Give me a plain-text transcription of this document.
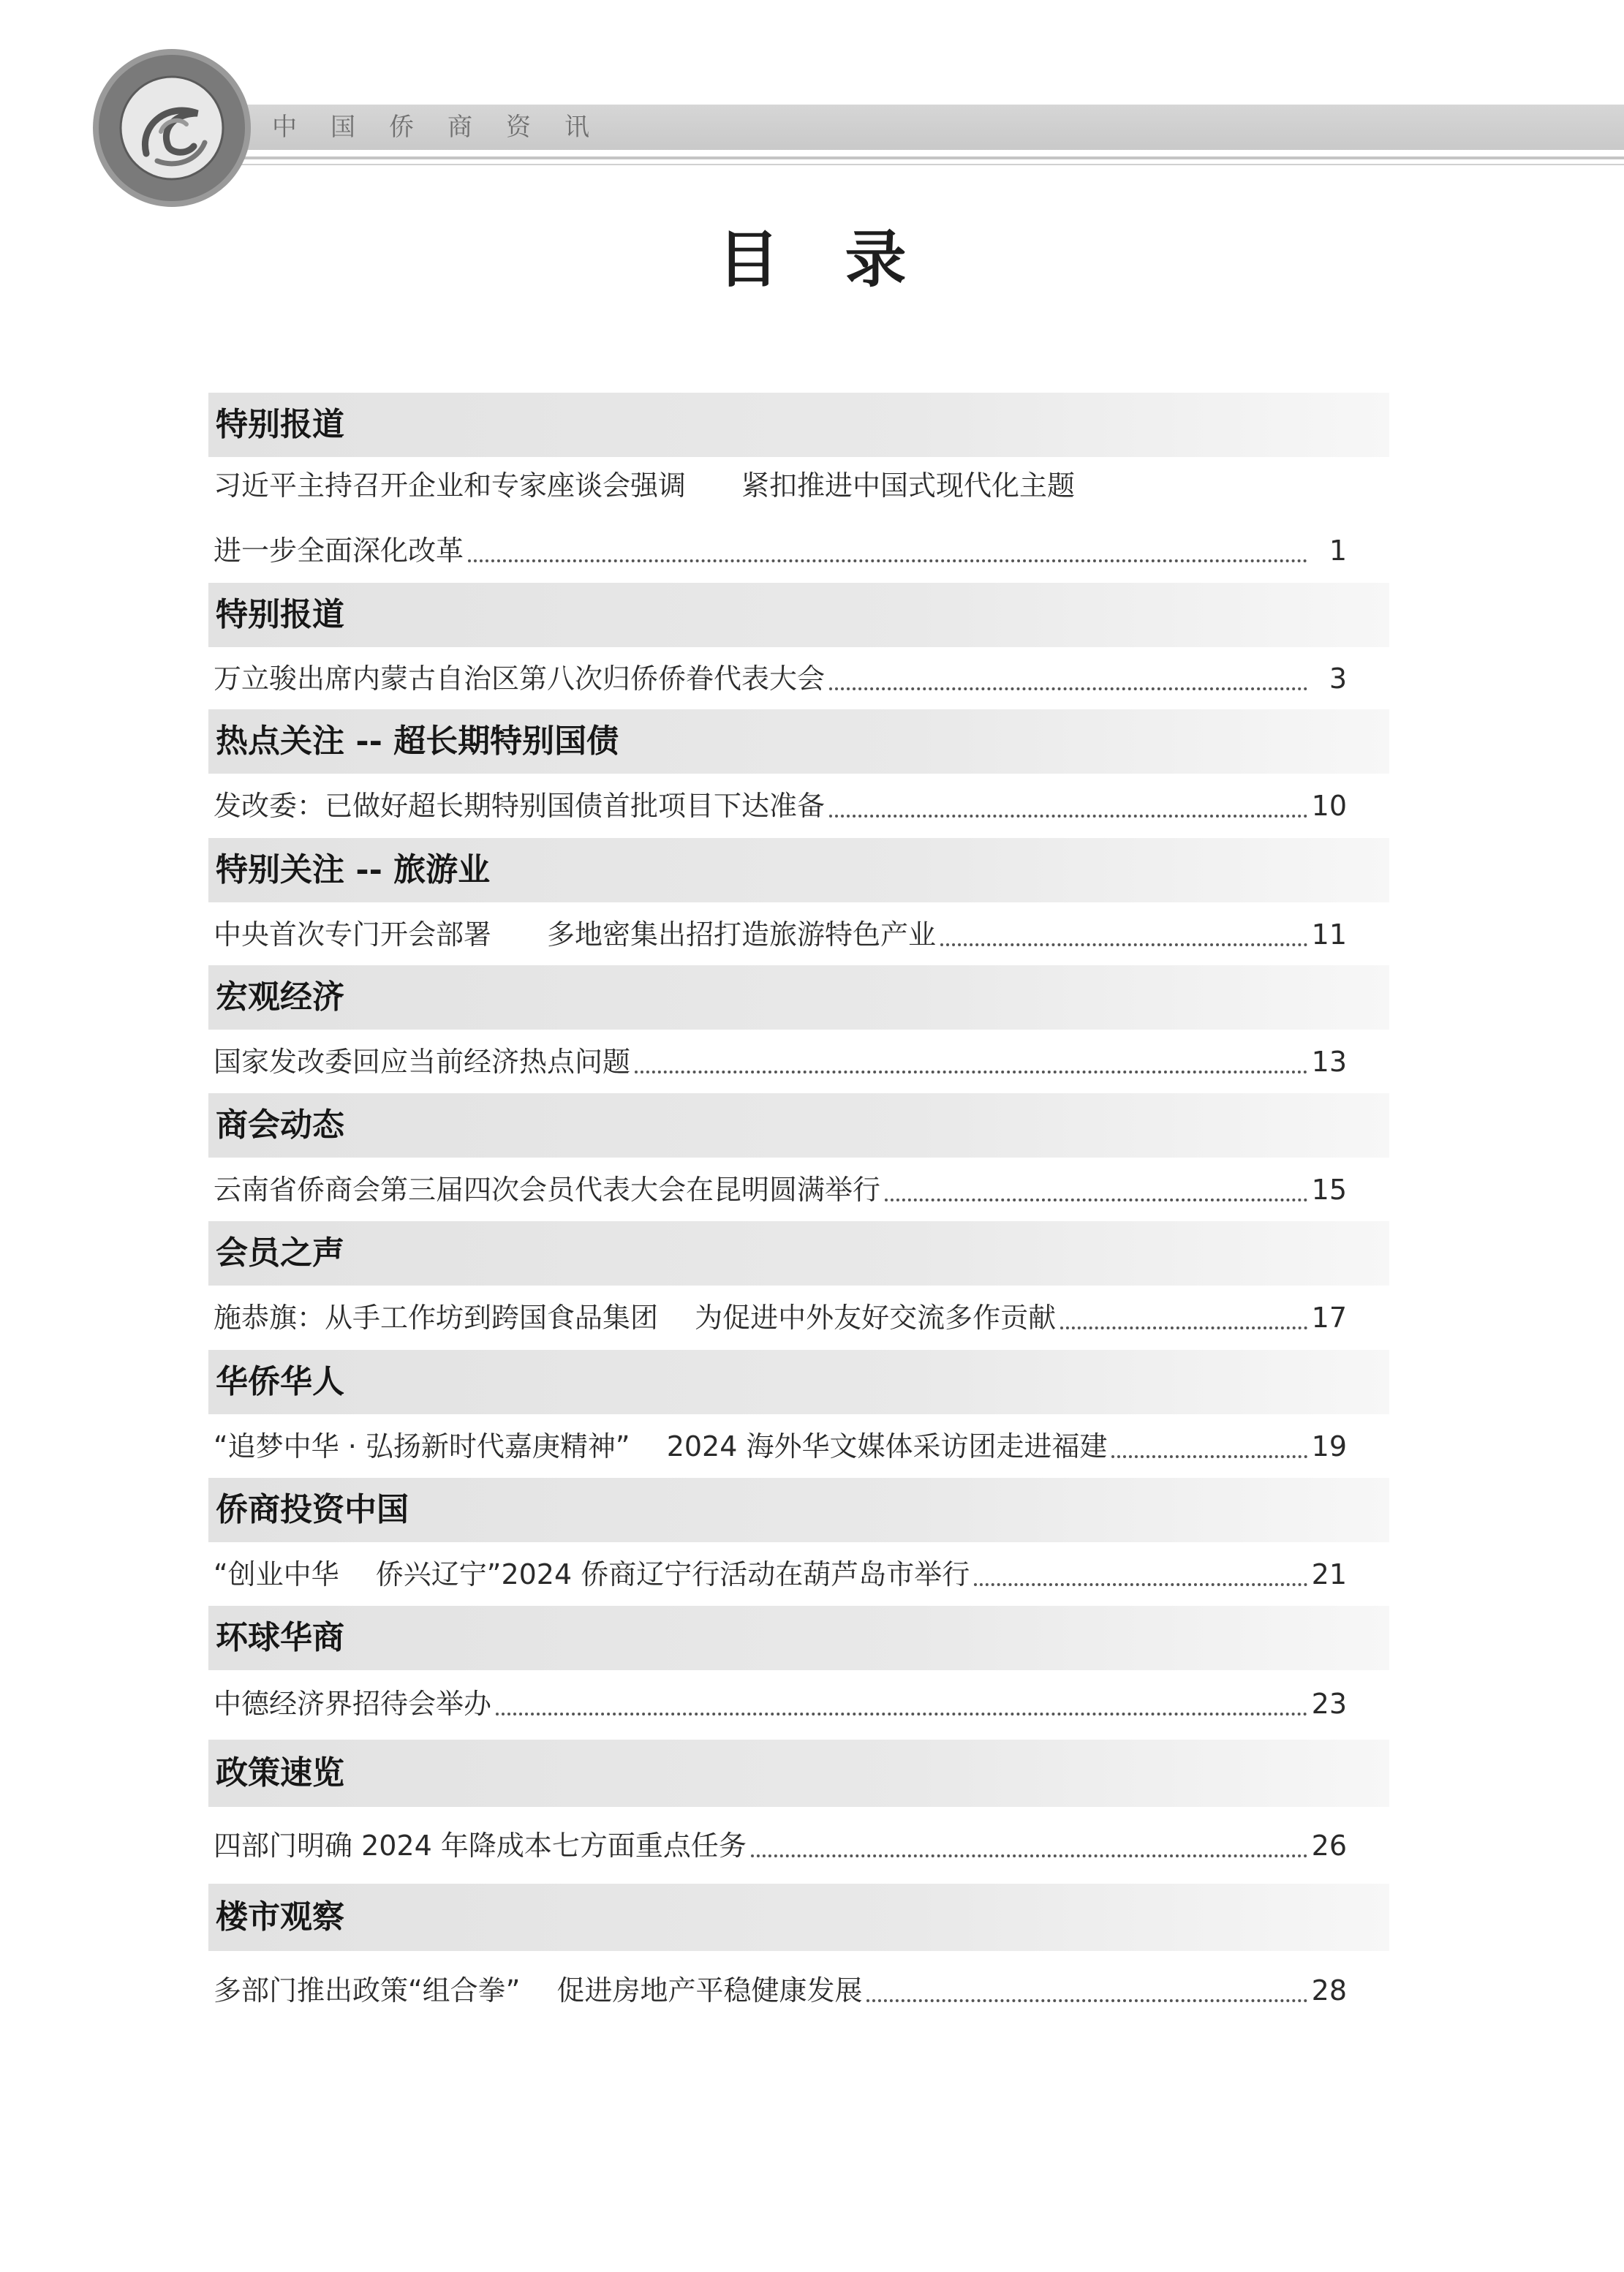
中国侨商资讯
目录
特别报道
习近平主持召开企业和专家座谈会强调　　紧扣推进中国式现代化主题
进一步全面深化改革	1
特别报道
万立骏出席内蒙古自治区第八次归侨侨眷代表大会	3
热点关注 -- 超长期特别国债
发改委：已做好超长期特别国债首批项目下达准备	10
特别关注 -- 旅游业
中央首次专门开会部署　　多地密集出招打造旅游特色产业	11
宏观经济
国家发改委回应当前经济热点问题	13
商会动态
云南省侨商会第三届四次会员代表大会在昆明圆满举行	15
会员之声
施恭旗：从手工作坊到跨国食品集团　 为促进中外友好交流多作贡献	17
华侨华人
“追梦中华 · 弘扬新时代嘉庚精神”　 2024 海外华文媒体采访团走进福建	19
侨商投资中国
“创业中华　 侨兴辽宁”2024 侨商辽宁行活动在葫芦岛市举行	21
环球华商
中德经济界招待会举办	23
政策速览
四部门明确 2024 年降成本七方面重点任务	26
楼市观察
多部门推出政策“组合拳”　 促进房地产平稳健康发展	28
